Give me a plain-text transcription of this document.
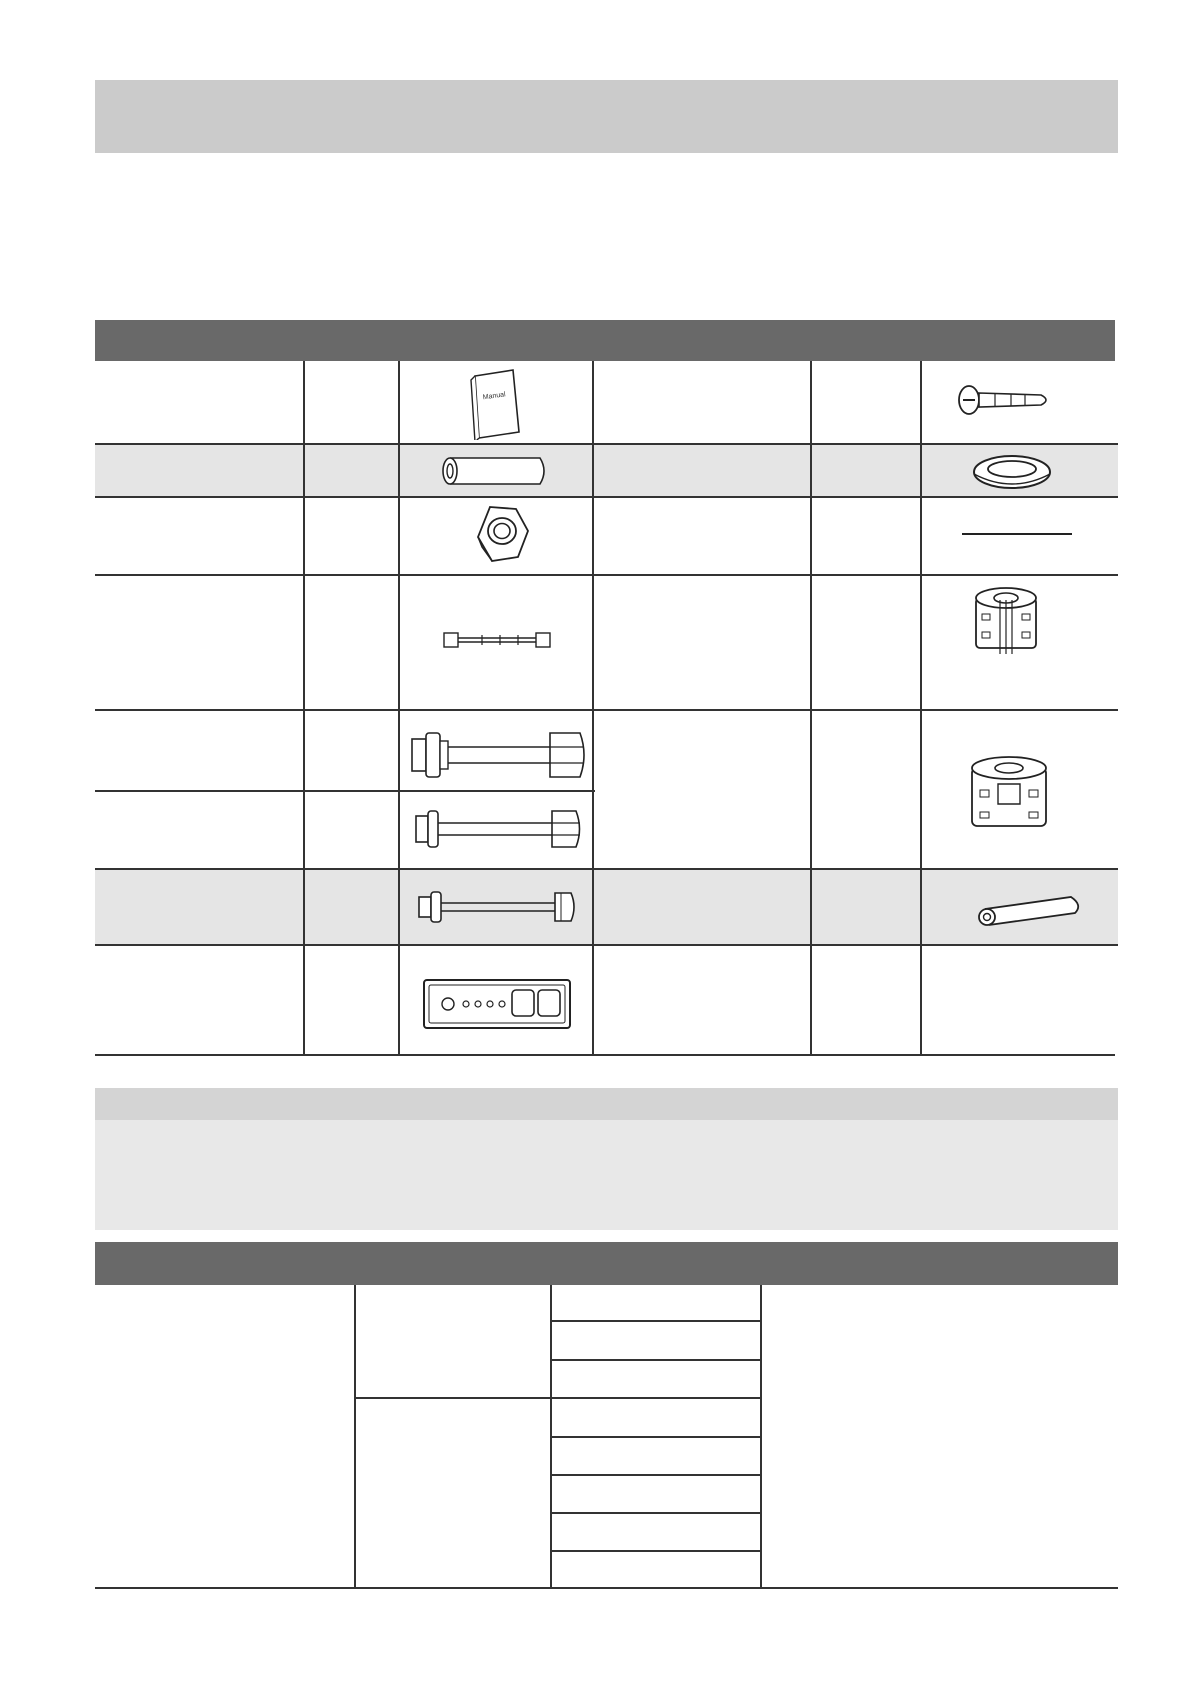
Manual
